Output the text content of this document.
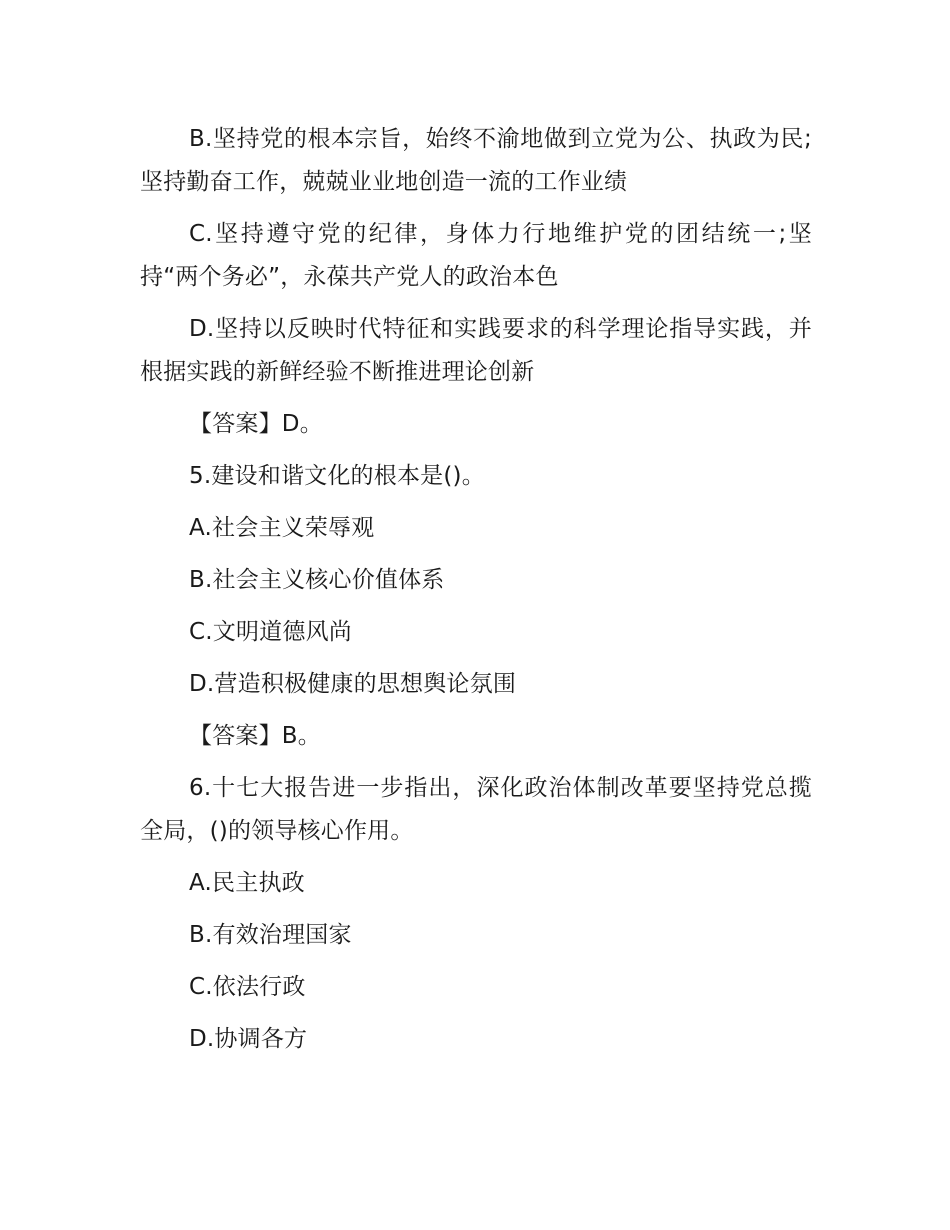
B.坚持党的根本宗旨，始终不渝地做到立党为公、执政为民;坚持勤奋工作，兢兢业业地创造一流的工作业绩

C.坚持遵守党的纪律，身体力行地维护党的团结统一;坚持“两个务必”，永葆共产党人的政治本色

D.坚持以反映时代特征和实践要求的科学理论指导实践，并根据实践的新鲜经验不断推进理论创新

【答案】D。

5.建设和谐文化的根本是()。

A.社会主义荣辱观

B.社会主义核心价值体系

C.文明道德风尚

D.营造积极健康的思想舆论氛围

【答案】B。

6.十七大报告进一步指出，深化政治体制改革要坚持党总揽全局，()的领导核心作用。

A.民主执政

B.有效治理国家

C.依法行政

D.协调各方
